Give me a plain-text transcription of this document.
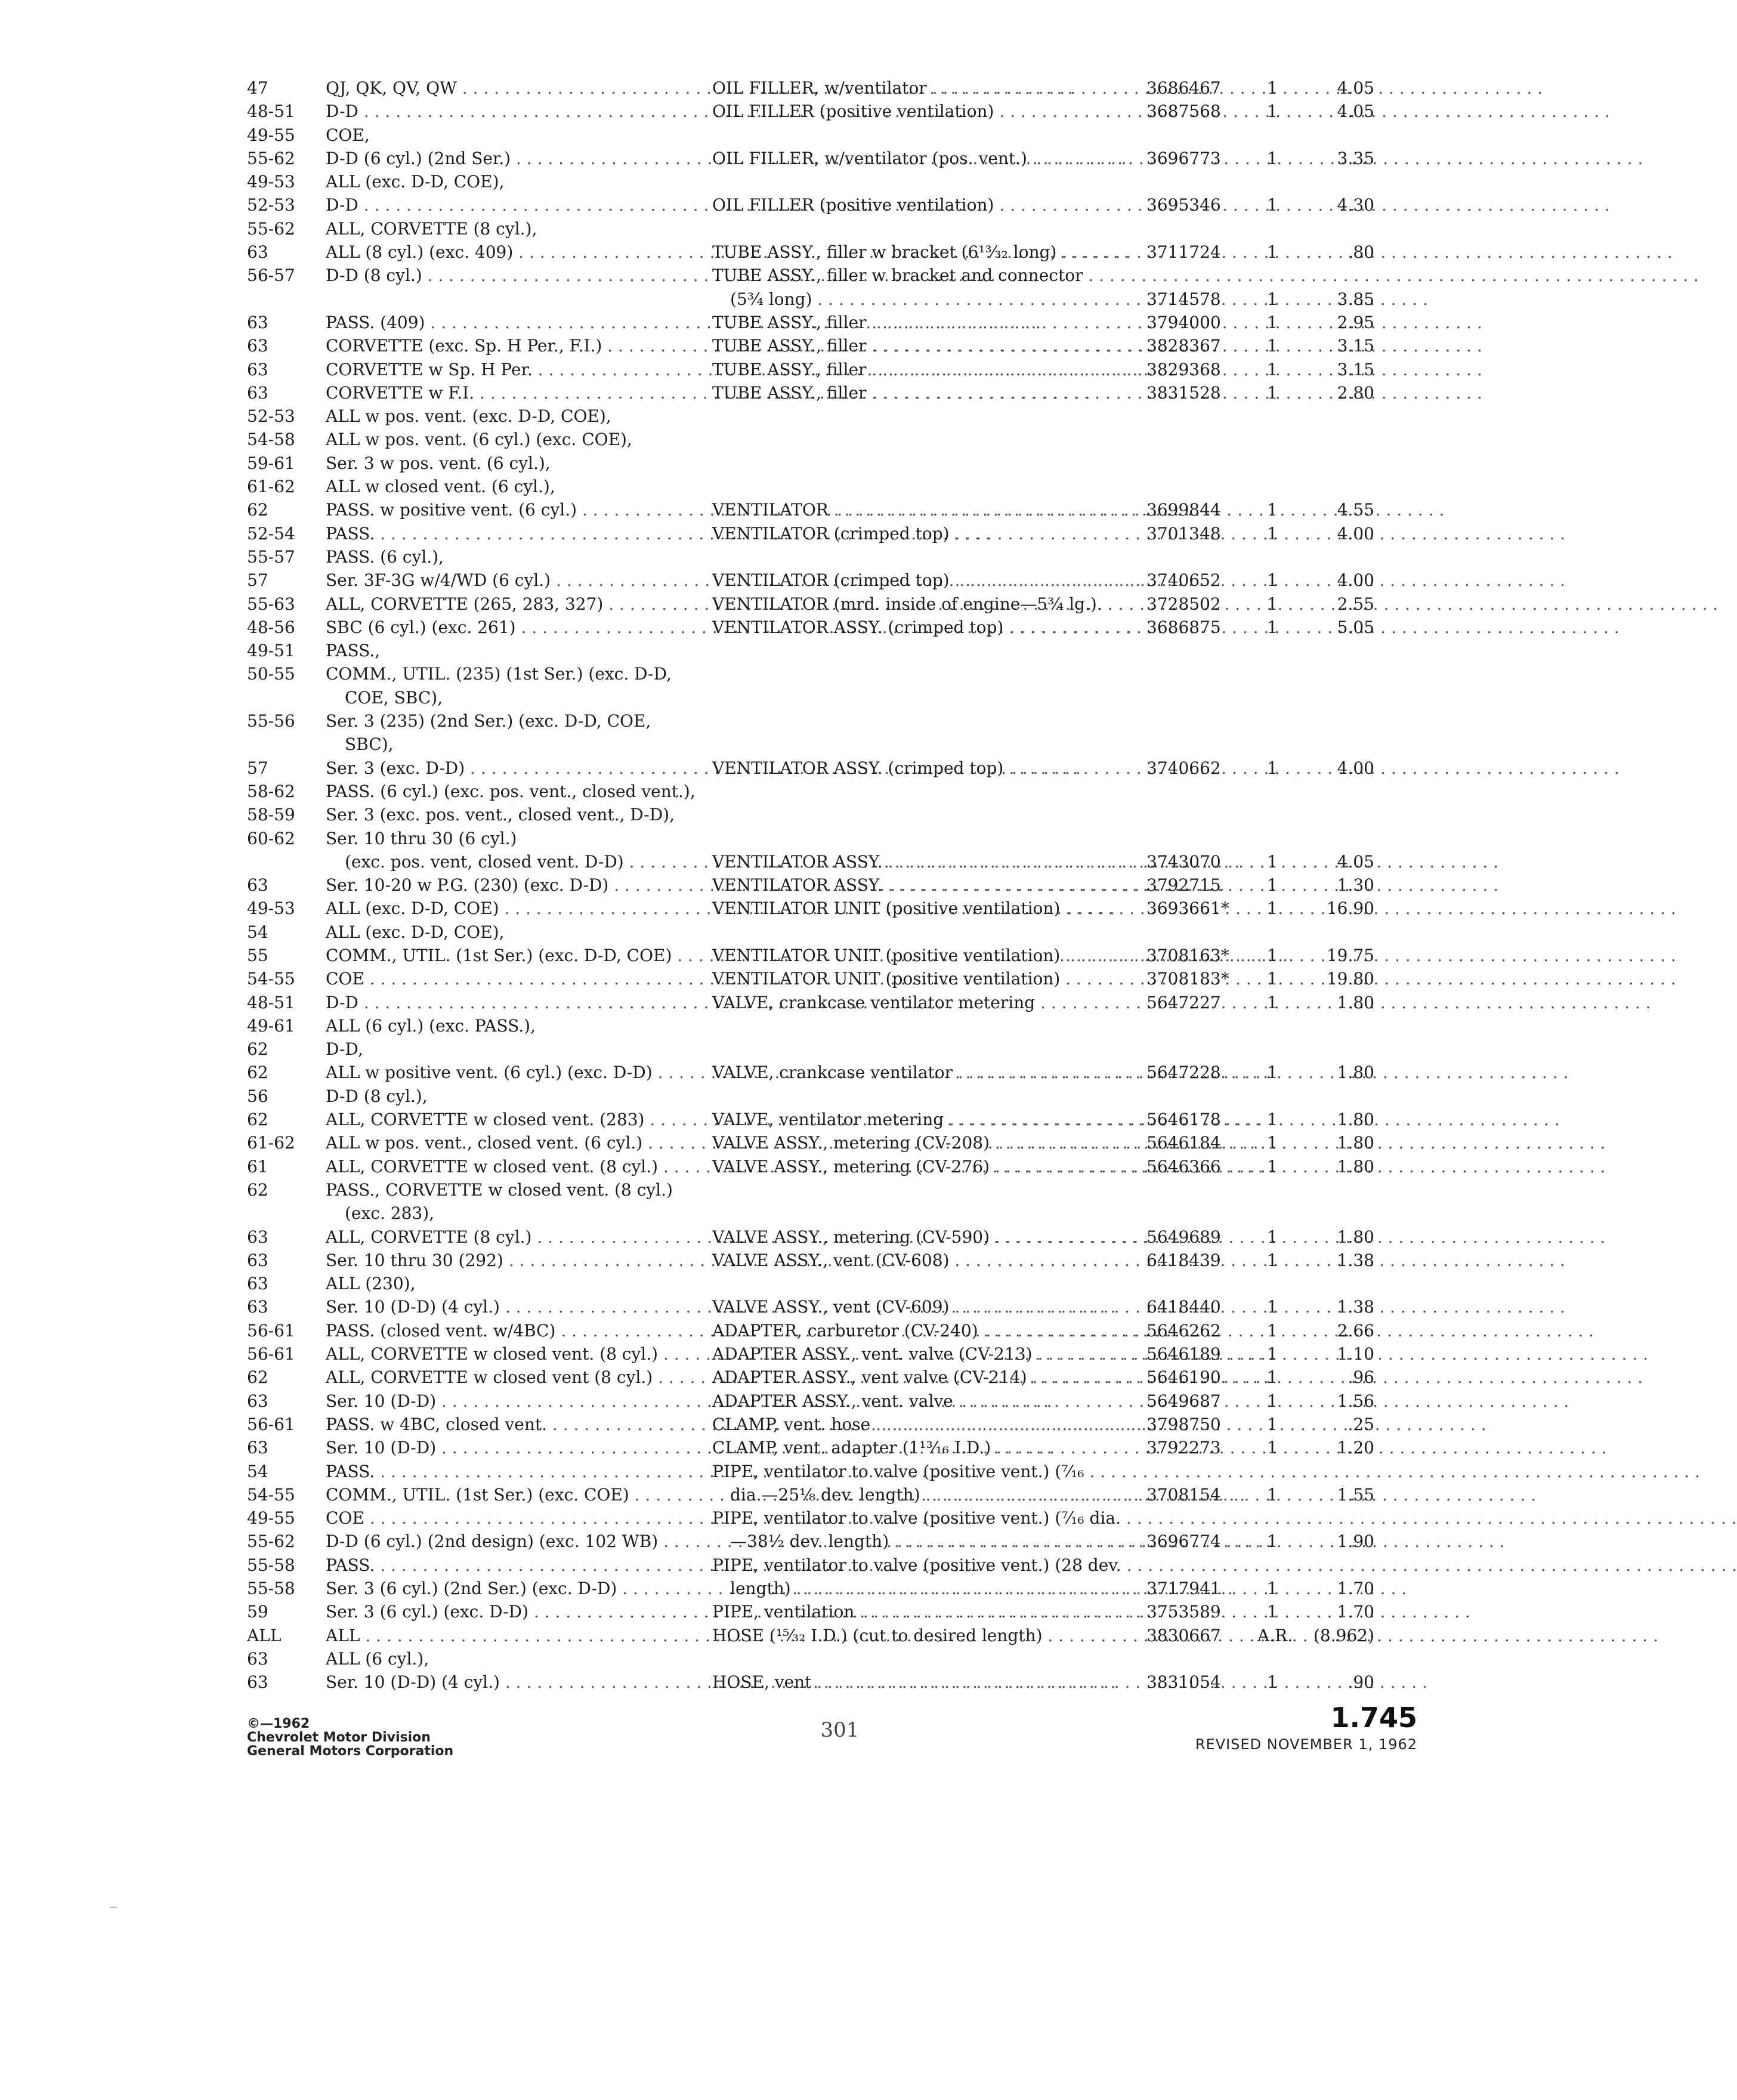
47	QJ, QK, QV, QW . . .	OIL FILLER, w/ventilator . . .	3686467	1	4.05
48-51	D-D . . .	OIL FILLER (positive ventilation) . . .	3687568	1	4.05
49-55	COE,
55-62	D-D (6 cyl.) (2nd Ser.) . . .	OIL FILLER, w/ventilator (pos. vent.) . . .	3696773	1	3.35
49-53	ALL (exc. D-D, COE),
52-53	D-D . . .	OIL FILLER (positive ventilation) . . .	3695346	1	4.30
55-62	ALL, CORVETTE (8 cyl.),
63	ALL (8 cyl.) (exc. 409) . . .	TUBE ASSY., filler w bracket (6¹³⁄₃₂ long) . . .	3711724	1	.80
56-57	D-D (8 cyl.) . . .	TUBE ASSY., filler w bracket and connector . . .
(5³⁄₄ long) . . .	3714578	1	3.85
63	PASS. (409) . . .	TUBE ASSY., filler . . .	3794000	1	2.95
63	CORVETTE (exc. Sp. H Per., F.I.) . . .	TUBE ASSY., filler . . .	3828367	1	3.15
63	CORVETTE w Sp. H Per. . . .	TUBE ASSY., filler . . .	3829368	1	3.15
63	CORVETTE w F.I. . . .	TUBE ASSY., filler . . .	3831528	1	2.80
52-53	ALL w pos. vent. (exc. D-D, COE),
54-58	ALL w pos. vent. (6 cyl.) (exc. COE),
59-61	Ser. 3 w pos. vent. (6 cyl.),
61-62	ALL w closed vent. (6 cyl.),
62	PASS. w positive vent. (6 cyl.) . . .	VENTILATOR . . .	3699844	1	4.55
52-54	PASS. . . .	VENTILATOR (crimped top) . . .	3701348	1	4.00
55-57	PASS. (6 cyl.),
57	Ser. 3F-3G w/4/WD (6 cyl.) . . .	VENTILATOR (crimped top) . . .	3740652	1	4.00
55-63	ALL, CORVETTE (265, 283, 327) . . .	VENTILATOR (mrd. inside of engine—5³⁄₄ lg.). . . .	3728502	1	2.55
48-56	SBC (6 cyl.) (exc. 261) . . .	VENTILATOR ASSY. (crimped top) . . .	3686875	1	5.05
49-51	PASS.,
50-55	COMM., UTIL. (235) (1st Ser.) (exc. D-D,
COE, SBC),
55-56	Ser. 3 (235) (2nd Ser.) (exc. D-D, COE,
SBC),
57	Ser. 3 (exc. D-D) . . .	VENTILATOR ASSY. (crimped top) . . .	3740662	1	4.00
58-62	PASS. (6 cyl.) (exc. pos. vent., closed vent.),
58-59	Ser. 3 (exc. pos. vent., closed vent., D-D),
60-62	Ser. 10 thru 30 (6 cyl.)
(exc. pos. vent, closed vent. D-D) . . .	VENTILATOR ASSY. . . .	3743070	1	4.05
63	Ser. 10-20 w P.G. (230) (exc. D-D) . . .	VENTILATOR ASSY. . . .	3792715	1	1.30
49-53	ALL (exc. D-D, COE) . . .	VENTILATOR UNIT (positive ventilation) . . .	3693661*	1	16.90
54	ALL (exc. D-D, COE),
55	COMM., UTIL. (1st Ser.) (exc. D-D, COE) . . .	VENTILATOR UNIT (positive ventilation) . . .	3708163*	1	19.75
54-55	COE . . .	VENTILATOR UNIT (positive ventilation) . . .	3708183*	1	19.80
48-51	D-D . . .	VALVE, crankcase ventilator metering . . .	5647227	1	1.80
49-61	ALL (6 cyl.) (exc. PASS.),
62	D-D,
62	ALL w positive vent. (6 cyl.) (exc. D-D) . . .	VALVE, crankcase ventilator . . .	5647228	1	1.80
56	D-D (8 cyl.),
62	ALL, CORVETTE w closed vent. (283) . . .	VALVE, ventilator metering . . .	5646178	1	1.80
61-62	ALL w pos. vent., closed vent. (6 cyl.) . . .	VALVE ASSY., metering (CV-208) . . .	5646184	1	1.80
61	ALL, CORVETTE w closed vent. (8 cyl.) . . .	VALVE ASSY., metering (CV-276) . . .	5646366	1	1.80
62	PASS., CORVETTE w closed vent. (8 cyl.)
(exc. 283),
63	ALL, CORVETTE (8 cyl.) . . .	VALVE ASSY., metering (CV-590) . . .	5649689	1	1.80
63	Ser. 10 thru 30 (292) . . .	VALVE ASSY., vent (CV-608) . . .	6418439	1	1.38
63	ALL (230),
63	Ser. 10 (D-D) (4 cyl.) . . .	VALVE ASSY., vent (CV-609) . . .	6418440	1	1.38
56-61	PASS. (closed vent. w/4BC) . . .	ADAPTER, carburetor (CV-240) . . .	5646262	1	2.66
56-61	ALL, CORVETTE w closed vent. (8 cyl.) . . .	ADAPTER ASSY., vent. valve (CV-213) . . .	5646189	1	1.10
62	ALL, CORVETTE w closed vent (8 cyl.) . . .	ADAPTER ASSY., vent valve (CV-214) . . .	5646190	1	.96
63	Ser. 10 (D-D) . . .	ADAPTER ASSY., vent. valve . . .	5649687	1	1.56
56-61	PASS. w 4BC, closed vent. . . .	CLAMP, vent. hose . . .	3798750	1	.25
63	Ser. 10 (D-D) . . .	CLAMP, vent. adapter (1¹³⁄₁₆ I.D.) . . .	3792273	1	1.20
54	PASS. . . .	PIPE, ventilator to valve (positive vent.) (⁷⁄₁₆ . . .
54-55	COMM., UTIL. (1st Ser.) (exc. COE) . . .	dia.—25¹⁄₈ dev. length) . . .	3708154	1	1.55
49-55	COE . . .	PIPE, ventilator to valve (positive vent.) (⁷⁄₁₆ dia. . . .
55-62	D-D (6 cyl.) (2nd design) (exc. 102 WB) . . .	—38¹⁄₂ dev. length) . . .	3696774	1	1.90
55-58	PASS. . . .	PIPE, ventilator to valve (positive vent.) (28 dev. . . .
55-58	Ser. 3 (6 cyl.) (2nd Ser.) (exc. D-D) . . .	length) . . .	3717941	1	1.70
59	Ser. 3 (6 cyl.) (exc. D-D) . . .	PIPE, ventilation . . .	3753589	1	1.70
ALL	ALL . . .	HOSE (¹⁵⁄₃₂ I.D.) (cut to desired length) . . .	3830667	A.R.	(8.962)
63	ALL (6 cyl.),
63	Ser. 10 (D-D) (4 cyl.) . . .	HOSE, vent . . .	3831054	1	.90
©—1962
Chevrolet Motor Division
General Motors Corporation
301	1.745
REVISED NOVEMBER 1, 1962
